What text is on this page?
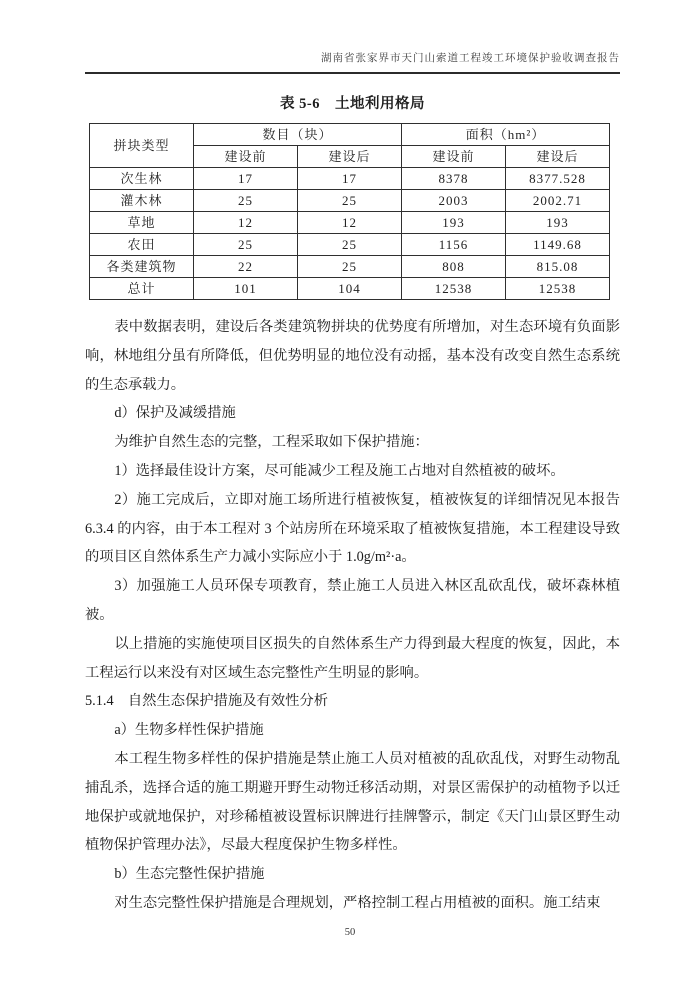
湖南省张家界市天门山索道工程竣工环境保护验收调查报告
表 5-6　土地利用格局
拼块类型	数目（块）		面积（hm²）	
	建设前	建设后	建设前	建设后
次生林	17	17	8378	8377.528
灌木林	25	25	2003	2002.71
草地	12	12	193	193
农田	25	25	1156	1149.68
各类建筑物	22	25	808	815.08
总计	101	104	12538	12538

表中数据表明，建设后各类建筑物拼块的优势度有所增加，对生态环境有负面影响，林地组分虽有所降低，但优势明显的地位没有动摇，基本没有改变自然生态系统的生态承载力。

d）保护及减缓措施

为维护自然生态的完整，工程采取如下保护措施：

1）选择最佳设计方案，尽可能减少工程及施工占地对自然植被的破坏。

2）施工完成后，立即对施工场所进行植被恢复，植被恢复的详细情况见本报告 6.3.4 的内容，由于本工程对 3 个站房所在环境采取了植被恢复措施，本工程建设导致的项目区自然体系生产力减小实际应小于 1.0g/m²·a。

3）加强施工人员环保专项教育，禁止施工人员进入林区乱砍乱伐，破坏森林植被。

以上措施的实施使项目区损失的自然体系生产力得到最大程度的恢复，因此，本工程运行以来没有对区域生态完整性产生明显的影响。

5.1.4　自然生态保护措施及有效性分析

a）生物多样性保护措施

本工程生物多样性的保护措施是禁止施工人员对植被的乱砍乱伐，对野生动物乱捕乱杀，选择合适的施工期避开野生动物迁移活动期，对景区需保护的动植物予以迁地保护或就地保护，对珍稀植被设置标识牌进行挂牌警示，制定《天门山景区野生动植物保护管理办法》，尽最大程度保护生物多样性。

b）生态完整性保护措施

对生态完整性保护措施是合理规划，严格控制工程占用植被的面积。施工结束

50
